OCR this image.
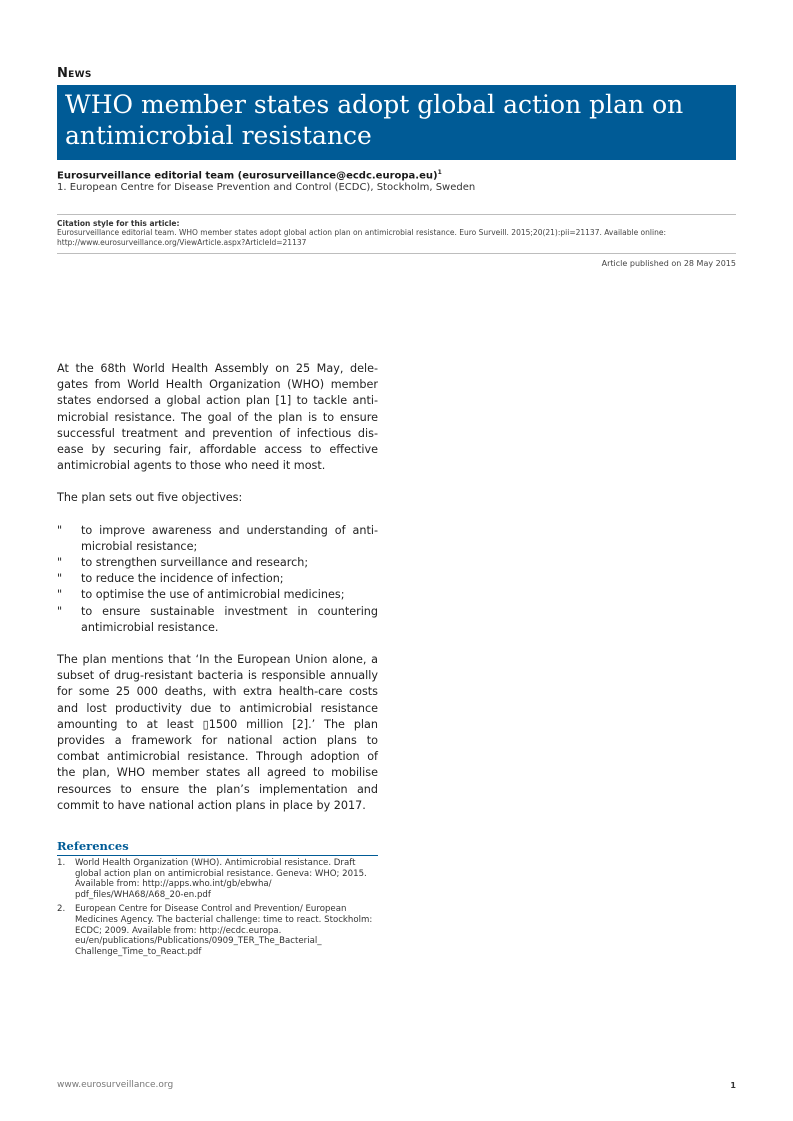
News
WHO member states adopt global action plan on antimicrobial resistance
Eurosurveillance editorial team (eurosurveillance@ecdc.europa.eu)$^1$
1. European Centre for Disease Prevention and Control (ECDC), Stockholm, Sweden
Citation style for this article:
Eurosurveillance editorial team. WHO member states adopt global action plan on antimicrobial resistance. Euro Surveill. 2015;20(21):pii=21137. Available online:
http://www.eurosurveillance.org/ViewArticle.aspx?ArticleId=21137
Article published on 28 May 2015

At the 68th World Health Assembly on 25 May, dele-gates from World Health Organization (WHO) member states endorsed a global action plan [1] to tackle anti-microbial resistance. The goal of the plan is to ensure successful treatment and prevention of infectious dis-ease by securing fair, affordable access to effective antimicrobial agents to those who need it most.

The plan sets out five objectives:

" to improve awareness and understanding of anti-microbial resistance;
" to strengthen surveillance and research;
" to reduce the incidence of infection;
" to optimise the use of antimicrobial medicines;
" to ensure sustainable investment in countering antimicrobial resistance.

The plan mentions that ‘In the European Union alone, a subset of drug-resistant bacteria is responsible annually for some 25 000 deaths, with extra health-care costs and lost productivity due to antimicrobial resistance amounting to at least ▯1500 million [2].’ The plan provides a framework for national action plans to combat antimicrobial resistance. Through adoption of the plan, WHO member states all agreed to mobilise resources to ensure the plan’s implementation and commit to have national action plans in place by 2017.

References
1. World Health Organization (WHO). Antimicrobial resistance. Draft global action plan on antimicrobial resistance. Geneva: WHO; 2015. Available from: http://apps.who.int/gb/ebwha/ pdf_files/WHA68/A68_20-en.pdf
2. European Centre for Disease Control and Prevention/ European Medicines Agency. The bacterial challenge: time to react. Stockholm: ECDC; 2009. Available from: http://ecdc.europa. eu/en/publications/Publications/0909_TER_The_Bacterial_ Challenge_Time_to_React.pdf
www.eurosurveillance.org	1
